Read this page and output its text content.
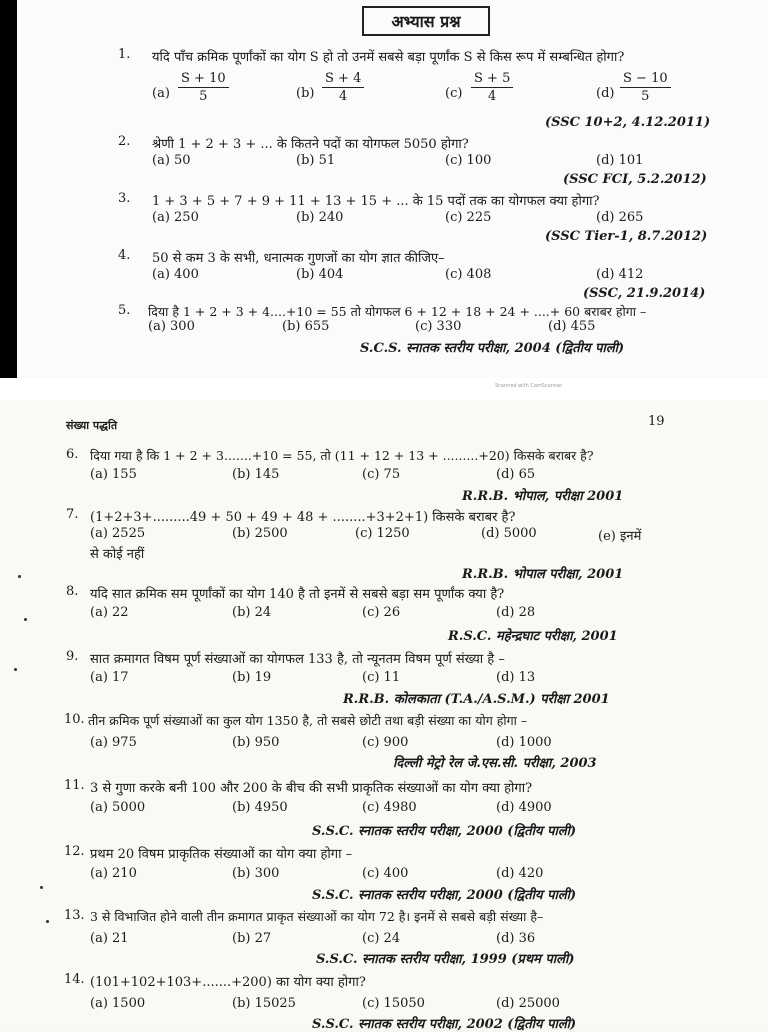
अभ्यास प्रश्न
1. यदि पाँच क्रमिक पूर्णांकों का योग S हो तो उनमें सबसे बड़ा पूर्णांक S से किस रूप में सम्बन्धित होगा?
$(a) \frac{S + 10}{5}$	$(b) \frac{S + 4}{4}$	$(c) \frac{S + 5}{4}$	$(d) \frac{S - 10}{5}$
(SSC 10+2, 4.12.2011)
2. श्रेणी 1 + 2 + 3 + ... के कितने पदों का योगफल 5050 होगा?
(a) 50	(b) 51	(c) 100	(d) 101
(SSC FCI, 5.2.2012)
3. 1 + 3 + 5 + 7 + 9 + 11 + 13 + 15 + ... के 15 पदों तक का योगफल क्या होगा?
(a) 250	(b) 240	(c) 225	(d) 265
(SSC Tier-1, 8.7.2012)
4. 50 से कम 3 के सभी, धनात्मक गुणजों का योग ज्ञात कीजिए–
(a) 400	(b) 404	(c) 408	(d) 412
(SSC, 21.9.2014)
5. दिया है 1 + 2 + 3 + 4....+10 = 55 तो योगफल 6 + 12 + 18 + 24 + ....+ 60 बराबर होगा –
(a) 300	(b) 655	(c) 330	(d) 455
S.C.S. स्नातक स्तरीय परीक्षा, 2004 (द्वितीय पाली)
Scanned with CamScanner
संख्या पद्धति	19
6. दिया गया है कि 1 + 2 + 3.......+10 = 55, तो (11 + 12 + 13 + .........+20) किसके बराबर है?
(a) 155	(b) 145	(c) 75	(d) 65
R.R.B. भोपाल, परीक्षा 2001
7. (1+2+3+.........49 + 50 + 49 + 48 + ........+3+2+1) किसके बराबर है?
(a) 2525	(b) 2500	(c) 1250	(d) 5000	(e) इनमें
से कोई नहीं
R.R.B. भोपाल परीक्षा, 2001
8. यदि सात क्रमिक सम पूर्णांकों का योग 140 है तो इनमें से सबसे बड़ा सम पूर्णांक क्या है?
(a) 22	(b) 24	(c) 26	(d) 28
R.S.C. महेन्द्रघाट परीक्षा, 2001
9. सात क्रमागत विषम पूर्ण संख्याओं का योगफल 133 है, तो न्यूनतम विषम पूर्ण संख्या है –
(a) 17	(b) 19	(c) 11	(d) 13
R.R.B. कोलकाता (T.A./A.S.M.) परीक्षा 2001
10. तीन क्रमिक पूर्ण संख्याओं का कुल योग 1350 है, तो सबसे छोटी तथा बड़ी संख्या का योग होगा –
(a) 975	(b) 950	(c) 900	(d) 1000
दिल्ली मेट्रो रेल जे.एस.सी. परीक्षा, 2003
11. 3 से गुणा करके बनी 100 और 200 के बीच की सभी प्राकृतिक संख्याओं का योग क्या होगा?
(a) 5000	(b) 4950	(c) 4980	(d) 4900
S.S.C. स्नातक स्तरीय परीक्षा, 2000 (द्वितीय पाली)
12. प्रथम 20 विषम प्राकृतिक संख्याओं का योग क्या होगा –
(a) 210	(b) 300	(c) 400	(d) 420
S.S.C. स्नातक स्तरीय परीक्षा, 2000 (द्वितीय पाली)
13. 3 से विभाजित होने वाली तीन क्रमागत प्राकृत संख्याओं का योग 72 है। इनमें से सबसे बड़ी संख्या है–
(a) 21	(b) 27	(c) 24	(d) 36
S.S.C. स्नातक स्तरीय परीक्षा, 1999 (प्रथम पाली)
14. (101+102+103+.......+200) का योग क्या होगा?
(a) 1500	(b) 15025	(c) 15050	(d) 25000
S.S.C. स्नातक स्तरीय परीक्षा, 2002 (द्वितीय पाली)
